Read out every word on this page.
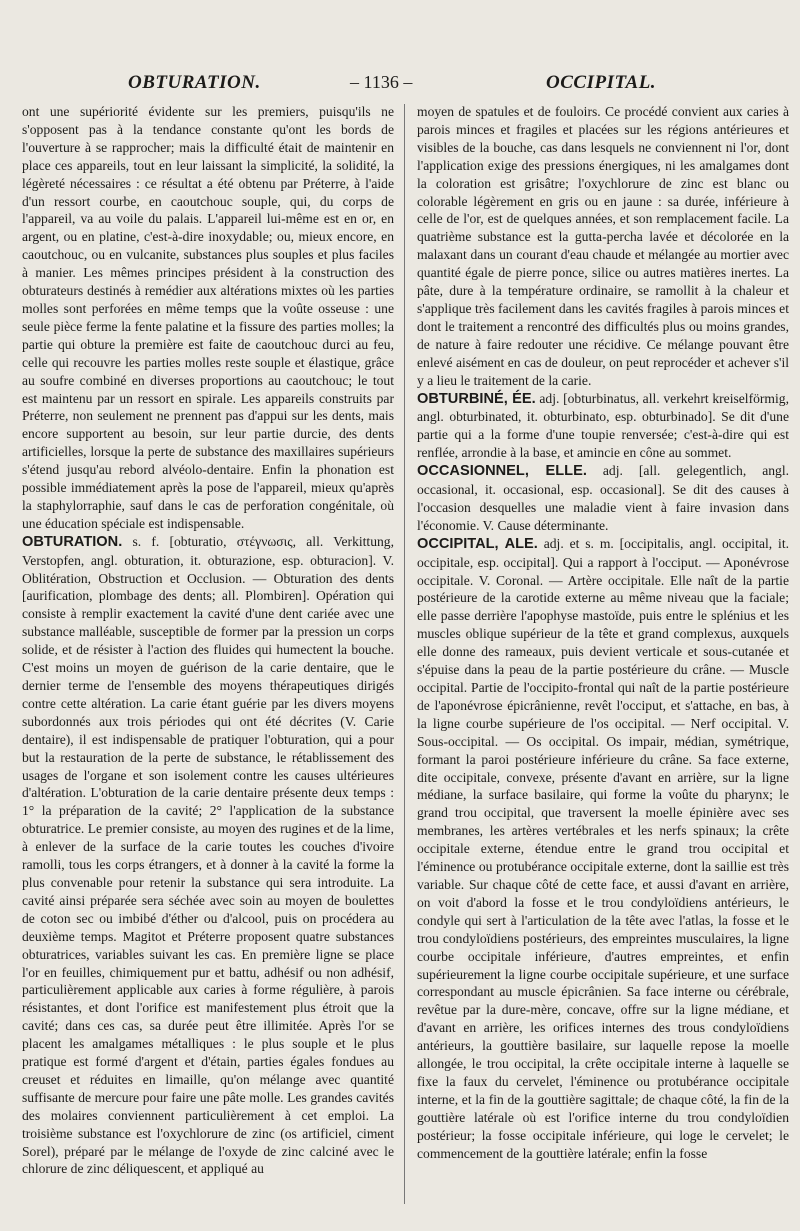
OBTURATION.	– 1136 –	OCCIPITAL.

ont une supériorité évidente sur les premiers, puisqu'ils ne s'opposent pas à la tendance constante qu'ont les bords de l'ouverture à se rapprocher; mais la difficulté était de maintenir en place ces appareils, tout en leur laissant la simplicité, la solidité, la légèreté nécessaires : ce résultat a été obtenu par Préterre, à l'aide d'un ressort courbe, en caoutchouc souple, qui, du corps de l'appareil, va au voile du palais. L'appareil lui-même est en or, en argent, ou en platine, c'est-à-dire inoxydable; ou, mieux encore, en caoutchouc, ou en vulcanite, substances plus souples et plus faciles à manier. Les mêmes principes président à la construction des obturateurs destinés à remédier aux altérations mixtes où les parties molles sont perforées en même temps que la voûte osseuse : une seule pièce ferme la fente palatine et la fissure des parties molles; la partie qui obture la première est faite de caoutchouc durci au feu, celle qui recouvre les parties molles reste souple et élastique, grâce au soufre combiné en diverses proportions au caoutchouc; le tout est maintenu par un ressort en spirale. Les appareils construits par Préterre, non seulement ne prennent pas d'appui sur les dents, mais encore supportent au besoin, sur leur partie durcie, des dents artificielles, lorsque la perte de substance des maxillaires supérieurs s'étend jusqu'au rebord alvéolo-dentaire. Enfin la phonation est possible immédiatement après la pose de l'appareil, mieux qu'après la staphylorraphie, sauf dans le cas de perforation congénitale, où une éducation spéciale est indispensable.

OBTURATION. s. f. [obturatio, στέγνωσις, all. Verkittung, Verstopfen, angl. obturation, it. obturazione, esp. obturacion]. V. Oblitération, Obstruction et Occlusion. — Obturation des dents [aurification, plombage des dents; all. Plombiren]. Opération qui consiste à remplir exactement la cavité d'une dent cariée avec une substance malléable, susceptible de former par la pression un corps solide, et de résister à l'action des fluides qui humectent la bouche. C'est moins un moyen de guérison de la carie dentaire, que le dernier terme de l'ensemble des moyens thérapeutiques dirigés contre cette altération. La carie étant guérie par les divers moyens subordonnés aux trois périodes qui ont été décrites (V. Carie dentaire), il est indispensable de pratiquer l'obturation, qui a pour but la restauration de la perte de substance, le rétablissement des usages de l'organe et son isolement contre les causes ultérieures d'altération. L'obturation de la carie dentaire présente deux temps : 1° la préparation de la cavité; 2° l'application de la substance obturatrice. Le premier consiste, au moyen des rugines et de la lime, à enlever de la surface de la carie toutes les couches d'ivoire ramolli, tous les corps étrangers, et à donner à la cavité la forme la plus convenable pour retenir la substance qui sera introduite. La cavité ainsi préparée sera séchée avec soin au moyen de boulettes de coton sec ou imbibé d'éther ou d'alcool, puis on procédera au deuxième temps. Magitot et Préterre proposent quatre substances obturatrices, variables suivant les cas. En première ligne se place l'or en feuilles, chimiquement pur et battu, adhésif ou non adhésif, particulièrement applicable aux caries à forme régulière, à parois résistantes, et dont l'orifice est manifestement plus étroit que la cavité; dans ces cas, sa durée peut être illimitée. Après l'or se placent les amalgames métalliques : le plus souple et le plus pratique est formé d'argent et d'étain, parties égales fondues au creuset et réduites en limaille, qu'on mélange avec quantité suffisante de mercure pour faire une pâte molle. Les grandes cavités des molaires conviennent particulièrement à cet emploi. La troisième substance est l'oxychlorure de zinc (os artificiel, ciment Sorel), préparé par le mélange de l'oxyde de zinc calciné avec le chlorure de zinc déliquescent, et appliqué au

moyen de spatules et de fouloirs. Ce procédé convient aux caries à parois minces et fragiles et placées sur les régions antérieures et visibles de la bouche, cas dans lesquels ne conviennent ni l'or, dont l'application exige des pressions énergiques, ni les amalgames dont la coloration est grisâtre; l'oxychlorure de zinc est blanc ou colorable légèrement en gris ou en jaune : sa durée, inférieure à celle de l'or, est de quelques années, et son remplacement facile. La quatrième substance est la gutta-percha lavée et décolorée en la malaxant dans un courant d'eau chaude et mélangée au mortier avec quantité égale de pierre ponce, silice ou autres matières inertes. La pâte, dure à la température ordinaire, se ramollit à la chaleur et s'applique très facilement dans les cavités fragiles à parois minces et dont le traitement a rencontré des difficultés plus ou moins grandes, de nature à faire redouter une récidive. Ce mélange pouvant être enlevé aisément en cas de douleur, on peut reprocéder et achever s'il y a lieu le traitement de la carie.

OBTURBINÉ, ÉE. adj. [obturbinatus, all. verkehrt kreiselförmig, angl. obturbinated, it. obturbinato, esp. obturbinado]. Se dit d'une partie qui a la forme d'une toupie renversée; c'est-à-dire qui est renflée, arrondie à la base, et amincie en cône au sommet.

OCCASIONNEL, ELLE. adj. [all. gelegentlich, angl. occasional, it. occasional, esp. occasional]. Se dit des causes à l'occasion desquelles une maladie vient à faire invasion dans l'économie. V. Cause déterminante.

OCCIPITAL, ALE. adj. et s. m. [occipitalis, angl. occipital, it. occipitale, esp. occipital]. Qui a rapport à l'occiput. — Aponévrose occipitale. V. Coronal. — Artère occipitale. Elle naît de la partie postérieure de la carotide externe au même niveau que la faciale; elle passe derrière l'apophyse mastoïde, puis entre le splénius et les muscles oblique supérieur de la tête et grand complexus, auxquels elle donne des rameaux, puis devient verticale et sous-cutanée et s'épuise dans la peau de la partie postérieure du crâne. — Muscle occipital. Partie de l'occipito-frontal qui naît de la partie postérieure de l'aponévrose épicrânienne, revêt l'occiput, et s'attache, en bas, à la ligne courbe supérieure de l'os occipital. — Nerf occipital. V. Sous-occipital. — Os occipital. Os impair, médian, symétrique, formant la paroi postérieure inférieure du crâne. Sa face externe, dite occipitale, convexe, présente d'avant en arrière, sur la ligne médiane, la surface basilaire, qui forme la voûte du pharynx; le grand trou occipital, que traversent la moelle épinière avec ses membranes, les artères vertébrales et les nerfs spinaux; la crête occipitale externe, étendue entre le grand trou occipital et l'éminence ou protubérance occipitale externe, dont la saillie est très variable. Sur chaque côté de cette face, et aussi d'avant en arrière, on voit d'abord la fosse et le trou condyloïdiens antérieurs, le condyle qui sert à l'articulation de la tête avec l'atlas, la fosse et le trou condyloïdiens postérieurs, des empreintes musculaires, la ligne courbe occipitale inférieure, d'autres empreintes, et enfin supérieurement la ligne courbe occipitale supérieure, et une surface correspondant au muscle épicrânien. Sa face interne ou cérébrale, revêtue par la dure-mère, concave, offre sur la ligne médiane, et d'avant en arrière, les orifices internes des trous condyloïdiens antérieurs, la gouttière basilaire, sur laquelle repose la moelle allongée, le trou occipital, la crête occipitale interne à laquelle se fixe la faux du cervelet, l'éminence ou protubérance occipitale interne, et la fin de la gouttière sagittale; de chaque côté, la fin de la gouttière latérale où est l'orifice interne du trou condyloïdien postérieur; la fosse occipitale inférieure, qui loge le cervelet; le commencement de la gouttière latérale; enfin la fosse
